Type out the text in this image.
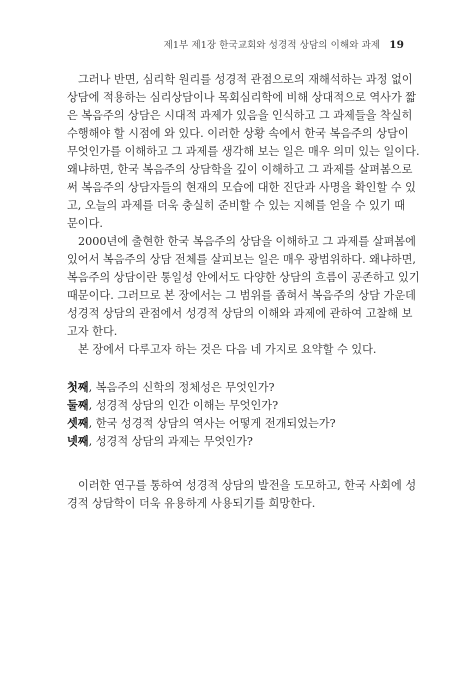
제1부 제1장 한국교회와 성경적 상담의 이해와 과제 19

그러나 반면, 심리학 원리를 성경적 관점으로의 재해석하는 과정 없이
상담에 적용하는 심리상담이나 목회심리학에 비해 상대적으로 역사가 짧
은 복음주의 상담은 시대적 과제가 있음을 인식하고 그 과제들을 착실히
수행해야 할 시점에 와 있다. 이러한 상황 속에서 한국 복음주의 상담이
무엇인가를 이해하고 그 과제를 생각해 보는 일은 매우 의미 있는 일이다.
왜냐하면, 한국 복음주의 상담학을 깊이 이해하고 그 과제를 살펴봄으로
써 복음주의 상담자들의 현재의 모습에 대한 진단과 사명을 확인할 수 있
고, 오늘의 과제를 더욱 충실히 준비할 수 있는 지혜를 얻을 수 있기 때
문이다.

2000년에 출현한 한국 복음주의 상담을 이해하고 그 과제를 살펴봄에
있어서 복음주의 상담 전체를 살피보는 일은 매우 광범위하다. 왜냐하면,
복음주의 상담이란 통일성 안에서도 다양한 상담의 흐름이 공존하고 있기
때문이다. 그러므로 본 장에서는 그 범위를 좁혀서 복음주의 상담 가운데
성경적 상담의 관점에서 성경적 상담의 이해와 과제에 관하여 고찰해 보
고자 한다.

본 장에서 다루고자 하는 것은 다음 네 가지로 요약할 수 있다.

첫째, 복음주의 신학의 정체성은 무엇인가?
둘째, 성경적 상담의 인간 이해는 무엇인가?
셋째, 한국 성경적 상담의 역사는 어떻게 전개되었는가?
넷째, 성경적 상담의 과제는 무엇인가?

이러한 연구를 통하여 성경적 상담의 발전을 도모하고, 한국 사회에 성
경적 상담학이 더욱 유용하게 사용되기를 희망한다.
